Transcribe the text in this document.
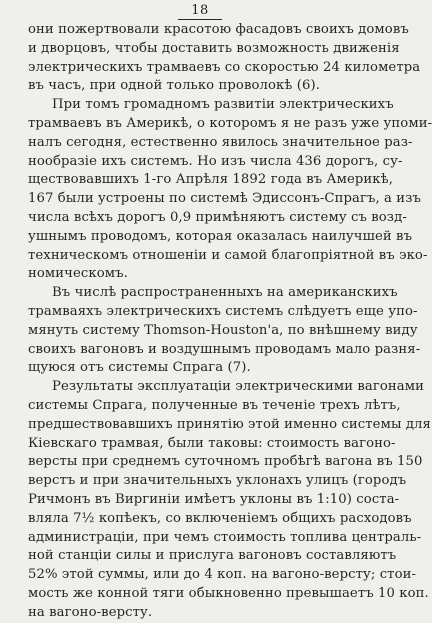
18
они пожертвовали красотою фасадовъ своихъ домовъ
и дворцовъ, чтобы доставить возможность движенія
электрическихъ трамваевъ со скоростью 24 километра
въ часъ, при одной только проволокѣ (6).
При томъ громадномъ развитіи электрическихъ
трамваевъ въ Америкѣ, о которомъ я не разъ уже упоми-
налъ сегодня, естественно явилось значительное раз-
нообразіе ихъ системъ. Но изъ числа 436 дорогъ, су-
ществовавшихъ 1-го Апрѣля 1892 года въ Америкѣ,
167 были устроены по системѣ Эдиссонъ-Спрагъ, а изъ
числа всѣхъ дорогъ 0,9 примѣняютъ систему съ возд-
ушнымъ проводомъ, которая оказалась наилучшей въ
техническомъ отношеніи и самой благопріятной въ эко-
номическомъ.
Въ числѣ распространенныхъ на американскихъ
трамваяхъ электрическихъ системъ слѣдуетъ еще упо-
мянуть систему Thomson-Houston'а, по внѣшнему виду
своихъ вагоновъ и воздушнымъ проводамъ мало разня-
щуюся отъ системы Спрага (7).
Результаты эксплуатаціи электрическими вагонами
системы Спрага, полученные въ теченіе трехъ лѣтъ,
предшествовавшихъ принятію этой именно системы для
Кіевскаго трамвая, были таковы: стоимость вагоно-
версты при среднемъ суточномъ пробѣгѣ вагона въ 150
верстъ и при значительныхъ уклонахъ улицъ (городъ
Ричмонъ въ Виргиніи имѣетъ уклоны въ 1:10) соста-
вляла 7½ копѣекъ, со включеніемъ общихъ расходовъ
администраціи, при чемъ стоимость топлива централь-
ной станціи силы и прислуга вагоновъ составляютъ
52% этой суммы, или до 4 коп. на вагоно-версту; стои-
мость же конной тяги обыкновенно превышаетъ 10 коп.
на вагоно-версту.
